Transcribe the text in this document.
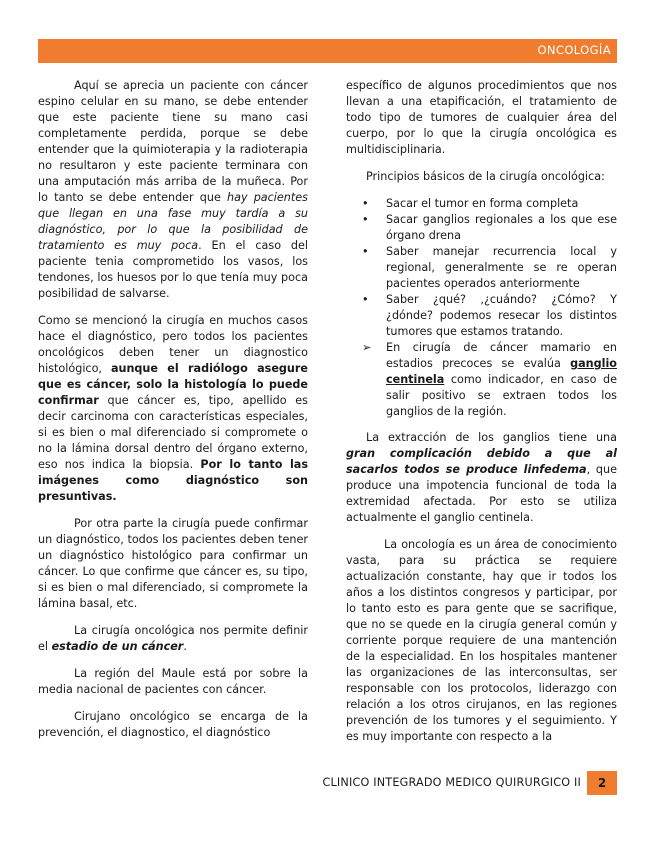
ONCOLOGÍA

Aquí se aprecia un paciente con cáncer espino celular en su mano, se debe entender que este paciente tiene su mano casi completamente perdida, porque se debe entender que la quimioterapia y la radioterapia no resultaron y este paciente terminara con una amputación más arriba de la muñeca. Por lo tanto se debe entender que hay pacientes que llegan en una fase muy tardía a su diagnóstico, por lo que la posibilidad de tratamiento es muy poca. En el caso del paciente tenia comprometido los vasos, los tendones, los huesos por lo que tenía muy poca posibilidad de salvarse.

Como se mencionó la cirugía en muchos casos hace el diagnóstico, pero todos los pacientes oncológicos deben tener un diagnostico histológico, aunque el radiólogo asegure que es cáncer, solo la histología lo puede confirmar que cáncer es, tipo, apellido es decir carcinoma con características especiales, si es bien o mal diferenciado si compromete o no la lámina dorsal dentro del órgano externo, eso nos indica la biopsia. Por lo tanto las imágenes como diagnóstico son presuntivas.

Por otra parte la cirugía puede confirmar un diagnóstico, todos los pacientes deben tener un diagnóstico histológico para confirmar un cáncer. Lo que confirme que cáncer es, su tipo, si es bien o mal diferenciado, si compromete la lámina basal, etc.

La cirugía oncológica nos permite definir el estadio de un cáncer.

La región del Maule está por sobre la media nacional de pacientes con cáncer.

Cirujano oncológico se encarga de la prevención, el diagnostico, el diagnóstico

específico de algunos procedimientos que nos llevan a una etapificación, el tratamiento de todo tipo de tumores de cualquier área del cuerpo, por lo que la cirugía oncológica es multidisciplinaria.

Principios básicos de la cirugía oncológica:

•	Sacar el tumor en forma completa
•	Sacar ganglios regionales a los que ese órgano drena
•	Saber manejar recurrencia local y regional, generalmente se re operan pacientes operados anteriormente
•	Saber ¿qué? ,¿cuándo? ¿Cómo? Y ¿dónde? podemos resecar los distintos tumores que estamos tratando.
➢	En cirugía de cáncer mamario en estadios precoces se evalúa ganglio centinela como indicador, en caso de salir positivo se extraen todos los ganglios de la región.

La extracción de los ganglios tiene una gran complicación debido a que al sacarlos todos se produce linfedema, que produce una impotencia funcional de toda la extremidad afectada. Por esto se utiliza actualmente el ganglio centinela.

La oncología es un área de conocimiento vasta, para su práctica se requiere actualización constante, hay que ir todos los años a los distintos congresos y participar, por lo tanto esto es para gente que se sacrifique, que no se quede en la cirugía general común y corriente porque requiere de una mantención de la especialidad. En los hospitales mantener las organizaciones de las interconsultas, ser responsable con los protocolos, liderazgo con relación a los otros cirujanos, en las regiones prevención de los tumores y el seguimiento. Y es muy importante con respecto a la

CLINICO INTEGRADO MEDICO QUIRURGICO II	2
